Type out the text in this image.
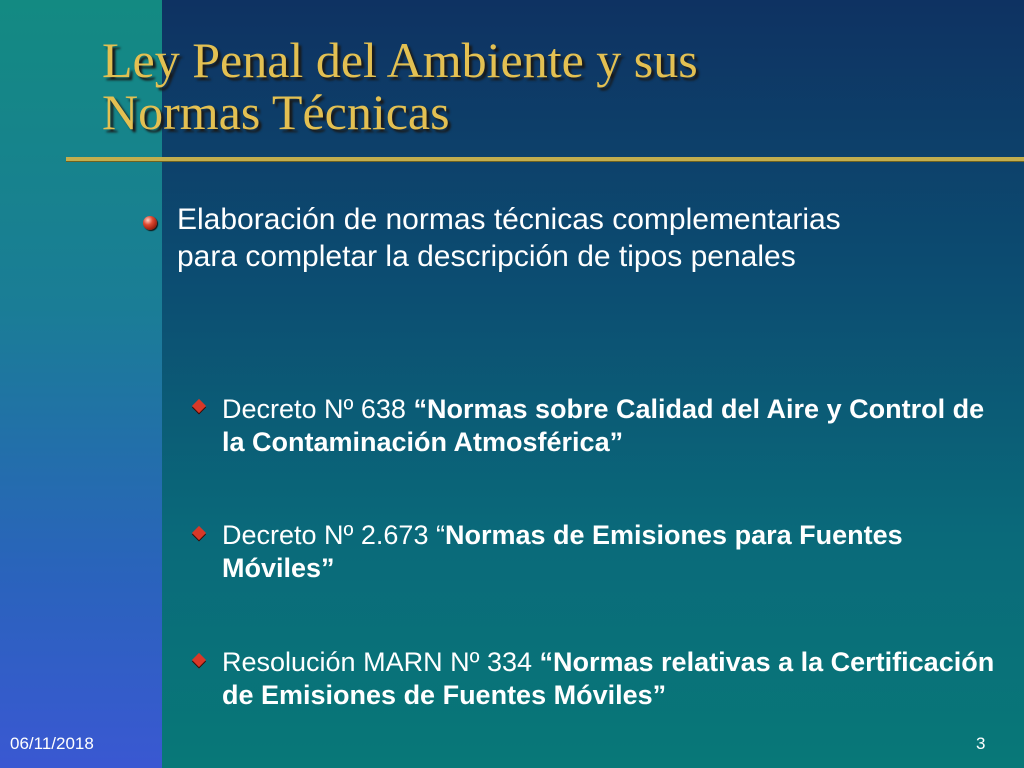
Ley Penal del Ambiente y sus
Normas Técnicas
Elaboración de normas técnicas complementarias para completar la descripción de tipos penales
Decreto Nº 638 “Normas sobre Calidad del Aire y Control de la Contaminación Atmosférica”
Decreto Nº 2.673 “Normas de Emisiones para Fuentes Móviles”
Resolución MARN Nº 334 “Normas relativas a la Certificación de Emisiones de Fuentes Móviles”
06/11/2018	3
